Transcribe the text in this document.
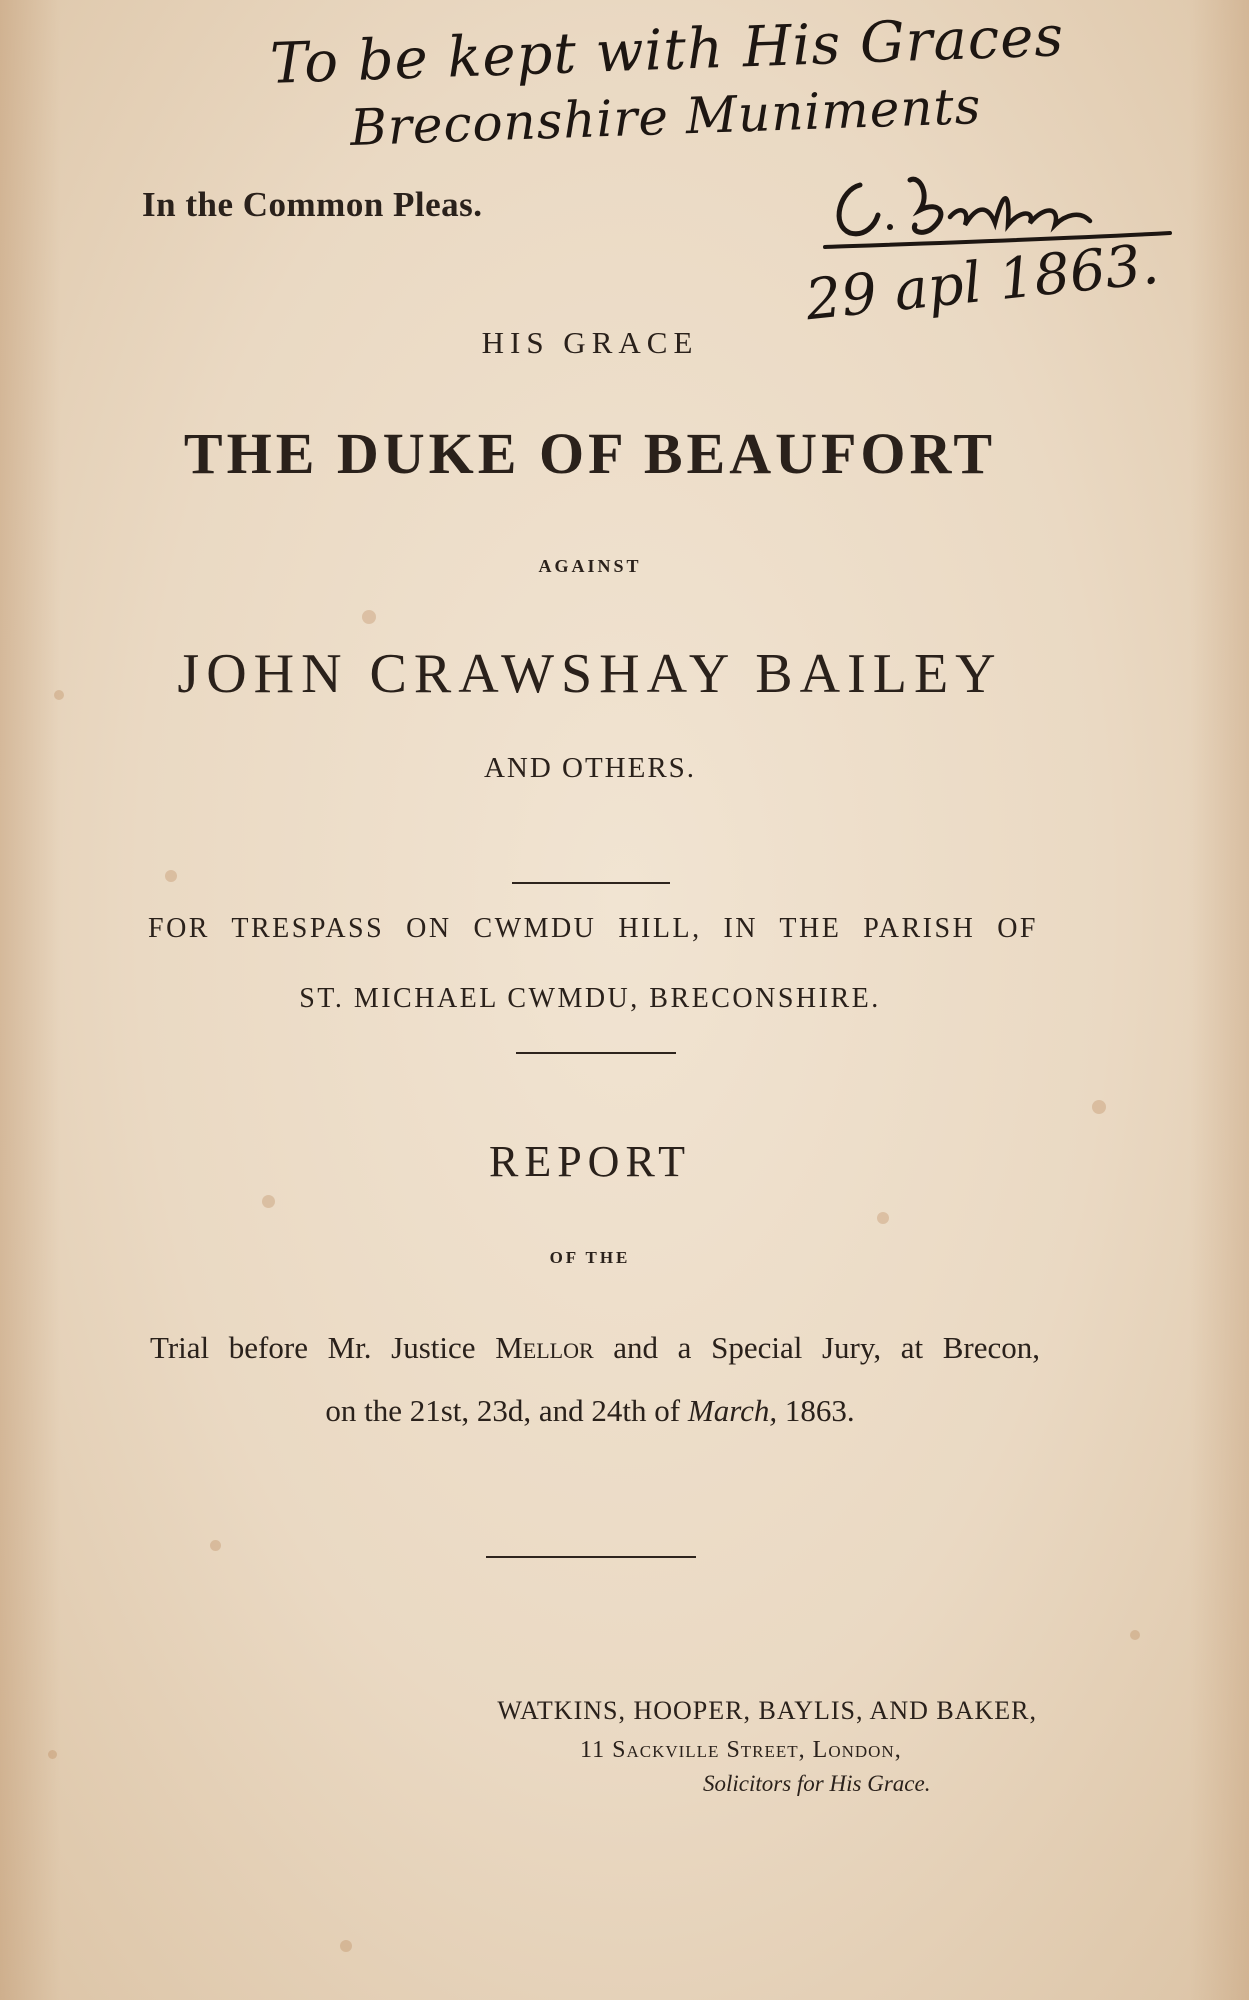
To be kept with His Graces
Breconshire Muniments
29 apl 1863.
In the Common Pleas.
HIS GRACE
THE DUKE OF BEAUFORT
AGAINST
JOHN CRAWSHAY BAILEY
AND OTHERS.
FOR TRESPASS ON CWMDU HILL, IN THE PARISH OF
ST. MICHAEL CWMDU, BRECONSHIRE.
REPORT
OF THE
Trial before Mr. Justice Mellor and a Special Jury, at Brecon,
on the 21st, 23d, and 24th of March, 1863.
WATKINS, HOOPER, BAYLIS, AND BAKER,
11 Sackville Street, London,
Solicitors for His Grace.
